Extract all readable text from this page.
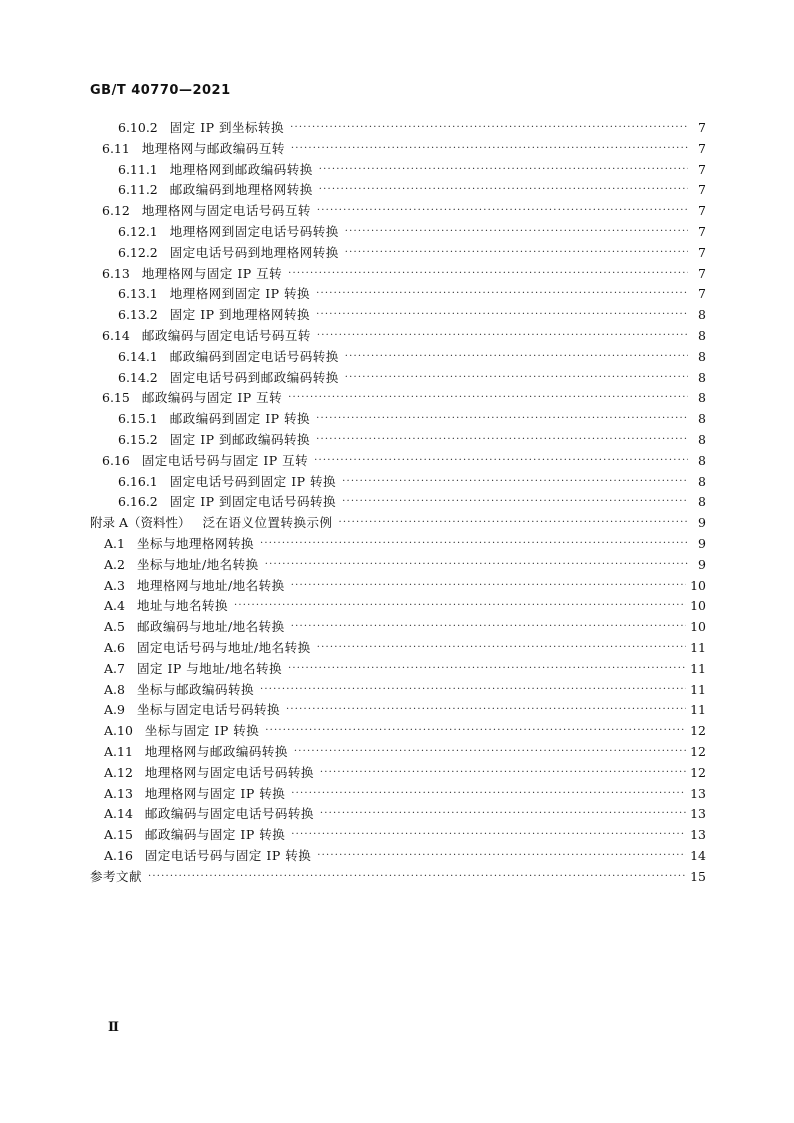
GB/T 40770—2021
6.10.2 固定 IP 到坐标转换 ·····	7
6.11 地理格网与邮政编码互转 ·····	7
6.11.1 地理格网到邮政编码转换 ·····	7
6.11.2 邮政编码到地理格网转换 ·····	7
6.12 地理格网与固定电话号码互转 ·····	7
6.12.1 地理格网到固定电话号码转换 ·····	7
6.12.2 固定电话号码到地理格网转换 ·····	7
6.13 地理格网与固定 IP 互转 ·····	7
6.13.1 地理格网到固定 IP 转换 ·····	7
6.13.2 固定 IP 到地理格网转换 ·····	8
6.14 邮政编码与固定电话号码互转 ·····	8
6.14.1 邮政编码到固定电话号码转换 ·····	8
6.14.2 固定电话号码到邮政编码转换 ·····	8
6.15 邮政编码与固定 IP 互转 ·····	8
6.15.1 邮政编码到固定 IP 转换 ·····	8
6.15.2 固定 IP 到邮政编码转换 ·····	8
6.16 固定电话号码与固定 IP 互转 ·····	8
6.16.1 固定电话号码到固定 IP 转换 ·····	8
6.16.2 固定 IP 到固定电话号码转换 ·····	8
附录 A（资料性） 泛在语义位置转换示例 ·····	9
A.1 坐标与地理格网转换 ·····	9
A.2 坐标与地址/地名转换 ·····	9
A.3 地理格网与地址/地名转换 ·····	10
A.4 地址与地名转换 ·····	10
A.5 邮政编码与地址/地名转换 ·····	10
A.6 固定电话号码与地址/地名转换 ·····	11
A.7 固定 IP 与地址/地名转换 ·····	11
A.8 坐标与邮政编码转换 ·····	11
A.9 坐标与固定电话号码转换 ·····	11
A.10 坐标与固定 IP 转换 ·····	12
A.11 地理格网与邮政编码转换 ·····	12
A.12 地理格网与固定电话号码转换 ·····	12
A.13 地理格网与固定 IP 转换 ·····	13
A.14 邮政编码与固定电话号码转换 ·····	13
A.15 邮政编码与固定 IP 转换 ·····	13
A.16 固定电话号码与固定 IP 转换 ·····	14
参考文献 ·····	15
Ⅱ
